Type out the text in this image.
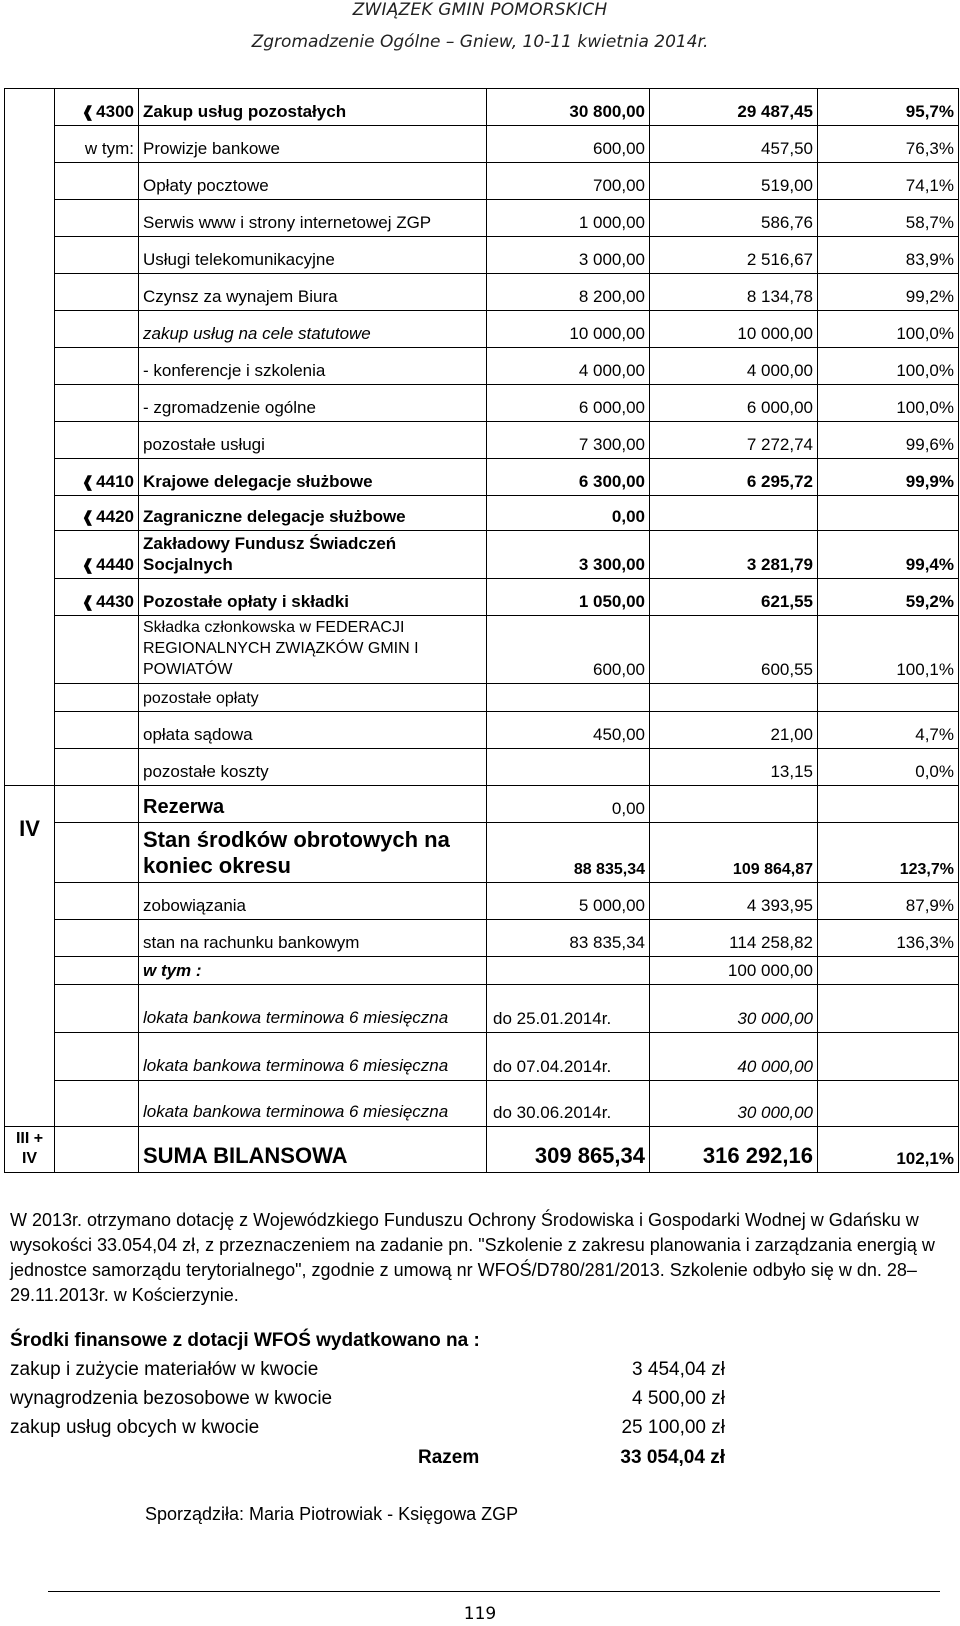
ZWIĄZEK GMIN POMORSKICH
Zgromadzenie Ogólne – Gniew, 10-11 kwietnia 2014r.
	❰ 4300	Zakup usług pozostałych	30 800,00	29 487,45	95,7%
	w tym:	Prowizje bankowe	600,00	457,50	76,3%
		Opłaty pocztowe	700,00	519,00	74,1%
		Serwis www i strony internetowej ZGP	1 000,00	586,76	58,7%
		Usługi telekomunikacyjne	3 000,00	2 516,67	83,9%
		Czynsz za wynajem Biura	8 200,00	8 134,78	99,2%
		zakup usług na cele statutowe	10 000,00	10 000,00	100,0%
		- konferencje i szkolenia	4 000,00	4 000,00	100,0%
		- zgromadzenie ogólne	6 000,00	6 000,00	100,0%
		pozostałe usługi	7 300,00	7 272,74	99,6%
	❰ 4410	Krajowe delegacje służbowe	6 300,00	6 295,72	99,9%
	❰ 4420	Zagraniczne delegacje służbowe	0,00		
	❰ 4440	Zakładowy Fundusz Świadczeń Socjalnych	3 300,00	3 281,79	99,4%
	❰ 4430	Pozostałe opłaty i składki	1 050,00	621,55	59,2%
		Składka członkowska w FEDERACJI REGIONALNYCH ZWIĄZKÓW GMIN I POWIATÓW	600,00	600,55	100,1%
		pozostałe opłaty			
		opłata sądowa	450,00	21,00	4,7%
		pozostałe koszty		13,15	0,0%
IV		Rezerwa	0,00		
		Stan środków obrotowych na koniec okresu	88 835,34	109 864,87	123,7%
		zobowiązania	5 000,00	4 393,95	87,9%
		stan na rachunku bankowym	83 835,34	114 258,82	136,3%
		w tym :		100 000,00	
		lokata bankowa terminowa 6 miesięczna	do 25.01.2014r.	30 000,00	
		lokata bankowa terminowa 6 miesięczna	do 07.04.2014r.	40 000,00	
		lokata bankowa terminowa 6 miesięczna	do 30.06.2014r.	30 000,00	
III + IV		SUMA BILANSOWA	309 865,34	316 292,16	102,1%
W 2013r. otrzymano dotację z Wojewódzkiego Funduszu Ochrony Środowiska i Gospodarki Wodnej w Gdańsku w wysokości 33.054,04 zł, z przeznaczeniem na zadanie pn. "Szkolenie z zakresu planowania i zarządzania energią w jednostce samorządu terytorialnego", zgodnie z umową nr WFOŚ/D780/281/2013. Szkolenie odbyło się w dn. 28–29.11.2013r. w Kościerzynie.
Środki finansowe z dotacji WFOŚ wydatkowano na :
zakup i zużycie materiałów w kwocie	3 454,04 zł
wynagrodzenia bezosobowe w kwocie	4 500,00 zł
zakup usług obcych w kwocie	25 100,00 zł
Razem	33 054,04 zł
Sporządziła: Maria Piotrowiak - Księgowa ZGP
119
